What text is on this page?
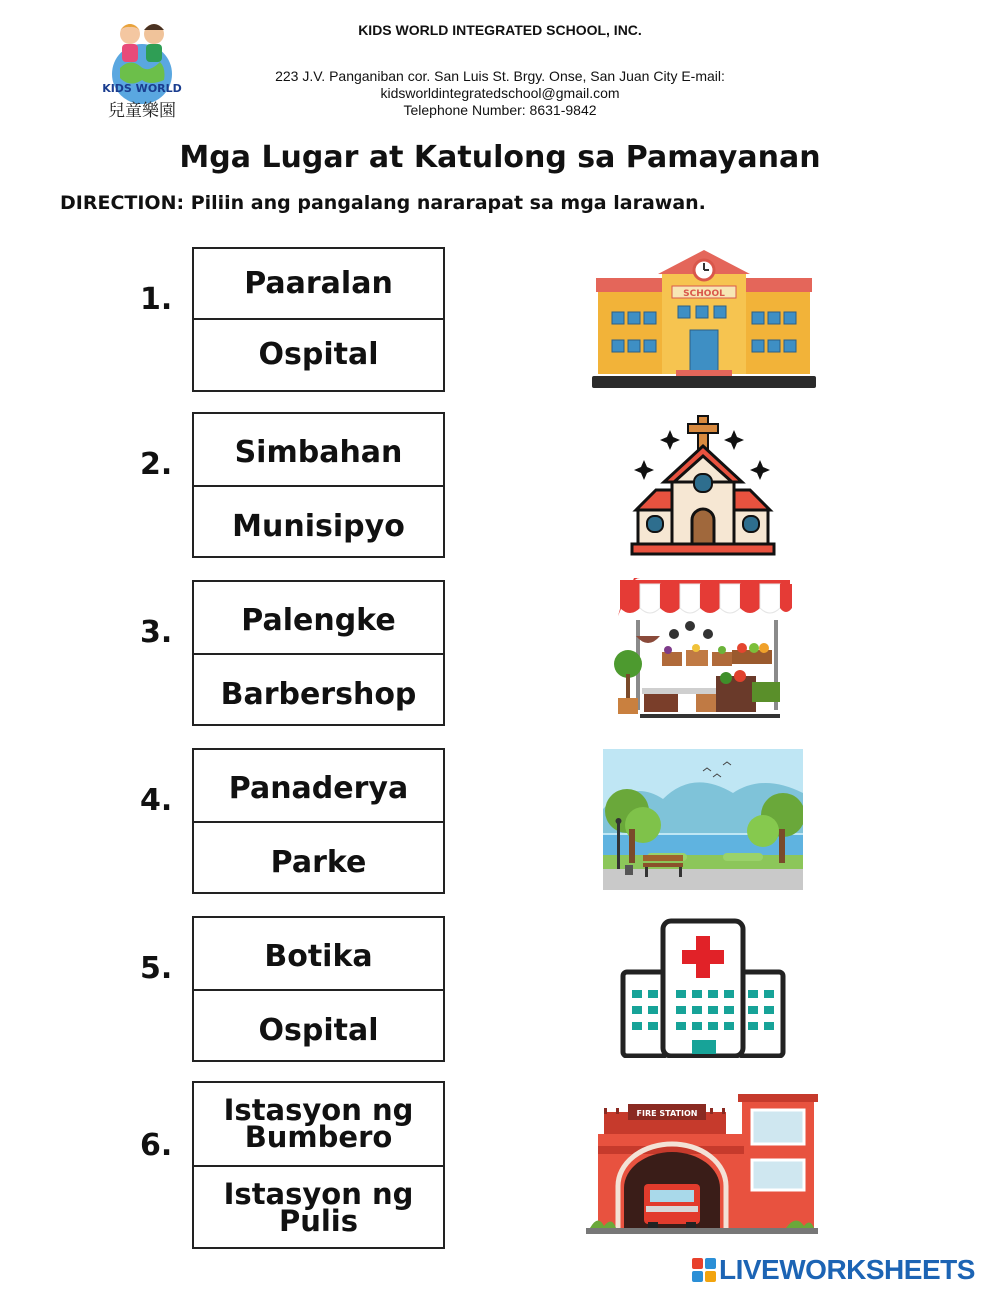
KIDS WORLD
兒童樂園
KIDS WORLD INTEGRATED SCHOOL, INC.
223 J.V. Panganiban cor. San Luis St. Brgy. Onse, San Juan City E-mail:
kidsworldintegratedschool@gmail.com
Telephone Number: 8631-9842
Mga Lugar at Katulong sa Pamayanan
DIRECTION: Piliin ang pangalang nararapat sa mga larawan.
1.	Paaralan
Ospital
2.	Simbahan
Munisipyo
3.	Palengke
Barbershop
4.	Panaderya
Parke
5.	Botika
Ospital
6.
Istasyon ng Bumbero
Istasyon ng Pulis
SCHOOL
FIRE STATION
LIVEWORKSHEETS
